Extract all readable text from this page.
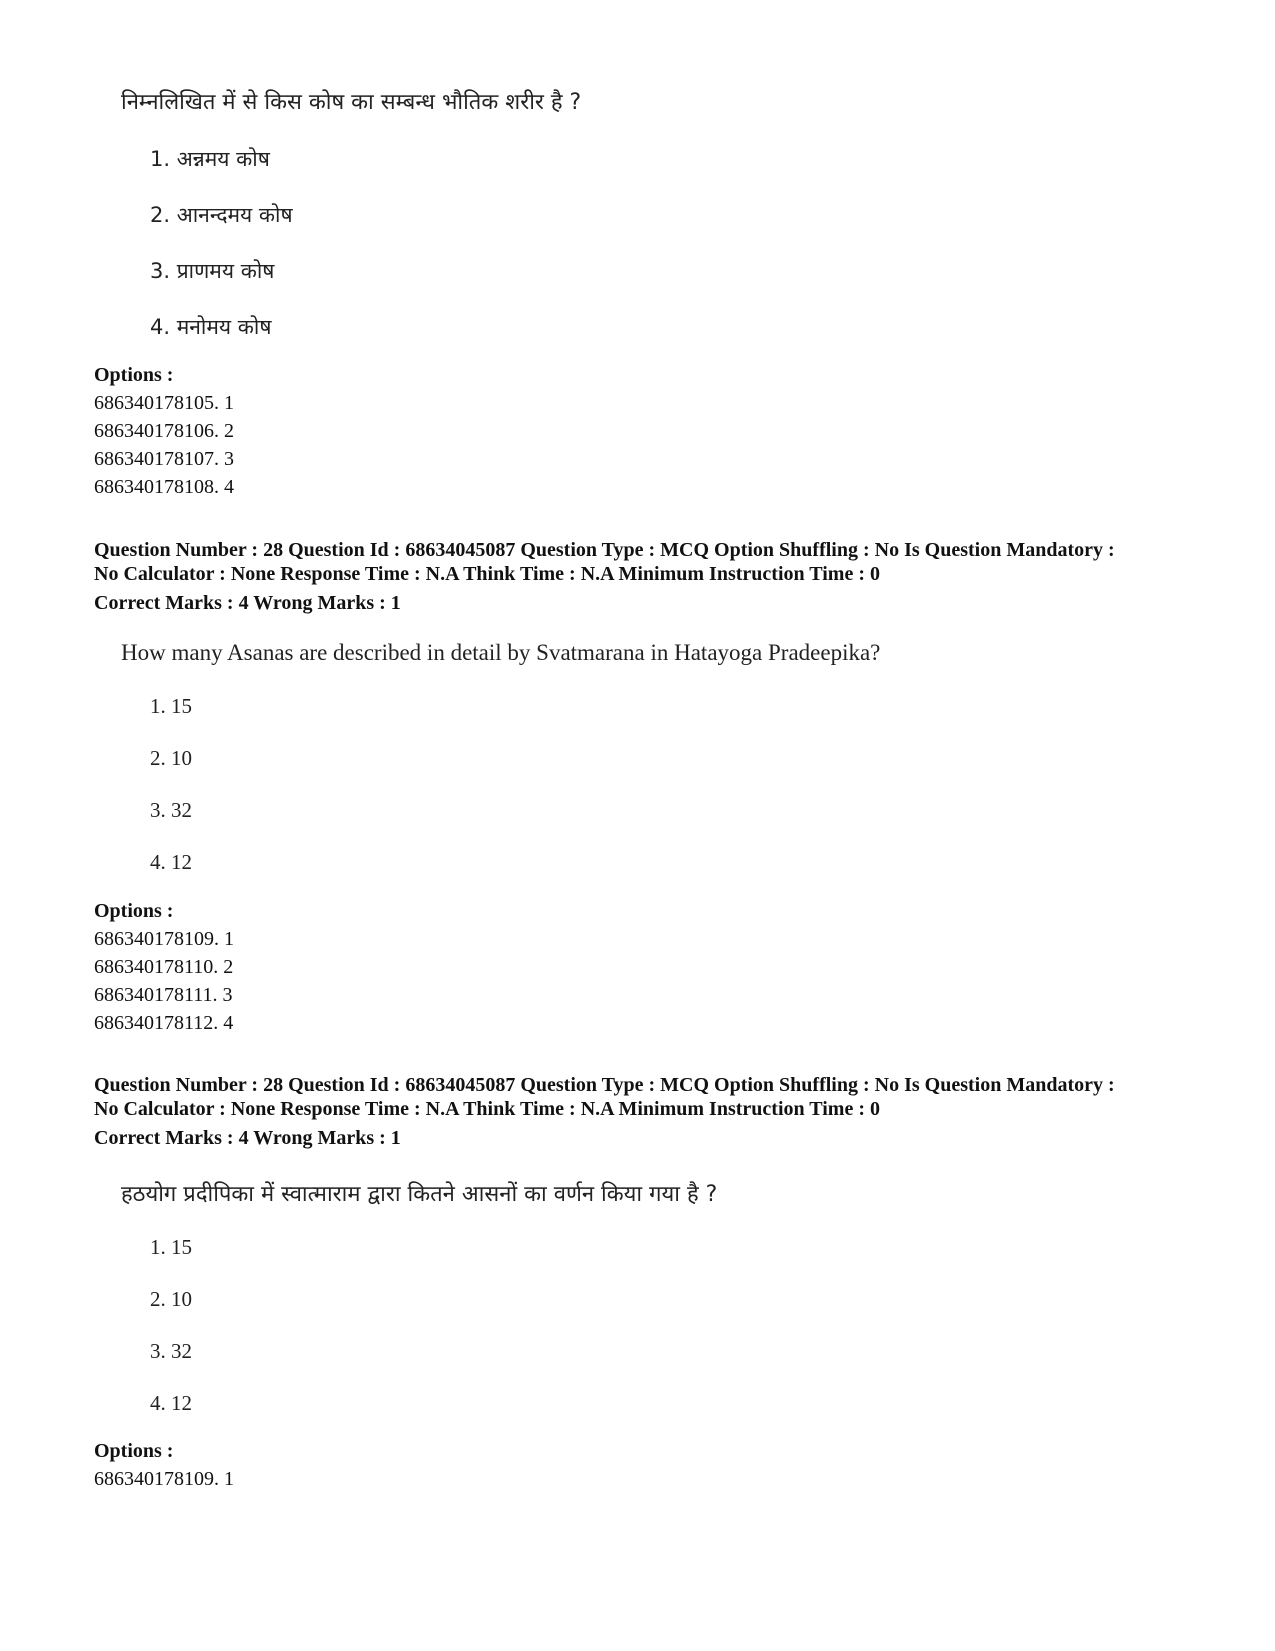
निम्नलिखित में से किस कोष का सम्बन्ध भौतिक शरीर है ?
1. अन्नमय कोष
2. आनन्दमय कोष
3. प्राणमय कोष
4. मनोमय कोष
Options :
686340178105. 1
686340178106. 2
686340178107. 3
686340178108. 4
Question Number : 28 Question Id : 68634045087 Question Type : MCQ Option Shuffling : No Is Question Mandatory :
No Calculator : None Response Time : N.A Think Time : N.A Minimum Instruction Time : 0
Correct Marks : 4 Wrong Marks : 1
How many Asanas are described in detail by Svatmarana in Hatayoga Pradeepika?
1. 15
2. 10
3. 32
4. 12
Options :
686340178109. 1
686340178110. 2
686340178111. 3
686340178112. 4
Question Number : 28 Question Id : 68634045087 Question Type : MCQ Option Shuffling : No Is Question Mandatory :
No Calculator : None Response Time : N.A Think Time : N.A Minimum Instruction Time : 0
Correct Marks : 4 Wrong Marks : 1
हठयोग प्रदीपिका में स्वात्माराम द्वारा कितने आसनों का वर्णन किया गया है ?
1. 15
2. 10
3. 32
4. 12
Options :
686340178109. 1
